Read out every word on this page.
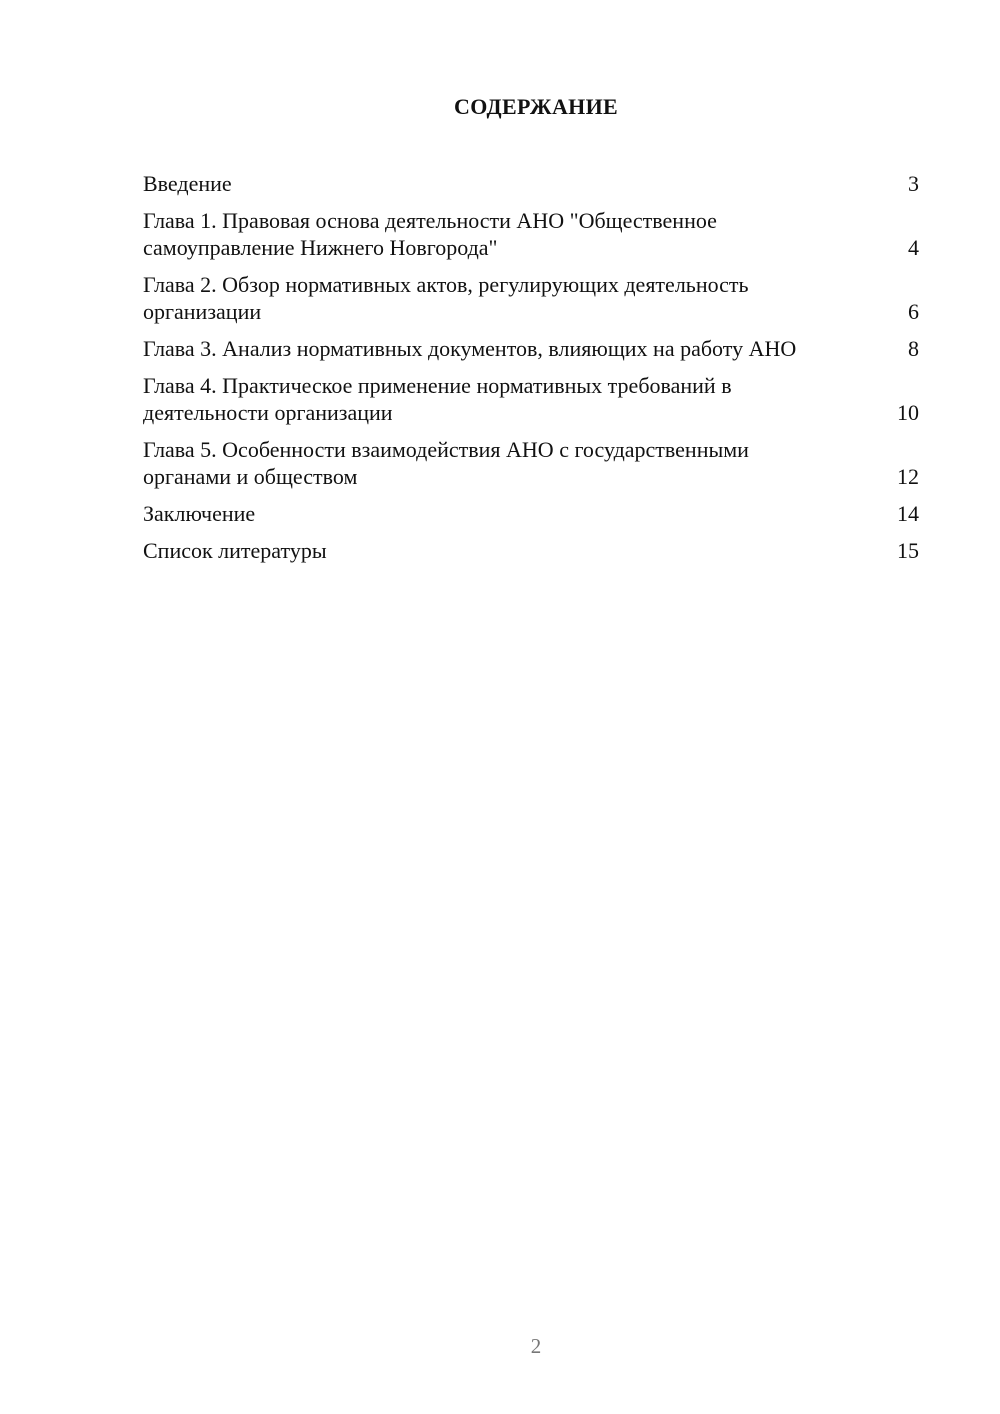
СОДЕРЖАНИЕ
Введение	3
Глава 1. Правовая основа деятельности АНО "Общественное самоуправление Нижнего Новгорода"	4
Глава 2. Обзор нормативных актов, регулирующих деятельность организации	6
Глава 3. Анализ нормативных документов, влияющих на работу АНО	8
Глава 4. Практическое применение нормативных требований в деятельности организации	10
Глава 5. Особенности взаимодействия АНО с государственными органами и обществом	12
Заключение	14
Список литературы	15
2
